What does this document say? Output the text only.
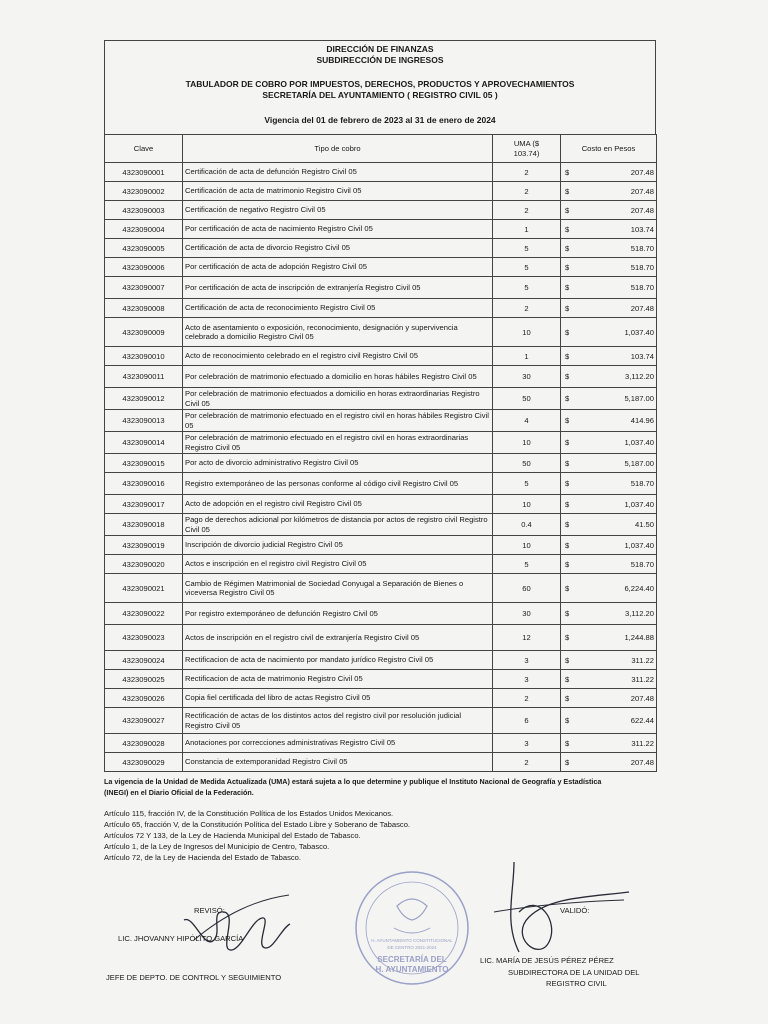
DIRECCIÓN DE FINANZAS
SUBDIRECCIÓN DE INGRESOS
TABULADOR DE COBRO POR IMPUESTOS, DERECHOS, PRODUCTOS Y APROVECHAMIENTOS
SECRETARÍA DEL AYUNTAMIENTO ( REGISTRO CIVIL 05 )
Vigencia del 01 de febrero de 2023 al 31 de enero de 2024
Clave	Tipo de cobro	UMA ($ 103.74)	Costo en Pesos
4323090001	Certificación de acta de defunción Registro Civil 05	2	$ 207.48

4323090002	Certificación de acta de matrimonio Registro Civil 05	2	$ 207.48

4323090003	Certificación de negativo Registro Civil 05	2	$ 207.48

4323090004	Por certificación de acta de nacimiento Registro Civil 05	1	$ 103.74

4323090005	Certificación de acta de divorcio Registro Civil 05	5	$ 518.70

4323090006	Por certificación de acta de adopción Registro Civil 05	5	$ 518.70

4323090007	Por certificación de acta de inscripción de extranjería Registro Civil 05	5	$ 518.70

4323090008	Certificación de acta de reconocimiento Registro Civil 05	2	$ 207.48

4323090009	Acto de asentamiento o exposición, reconocimiento, designación y supervivencia celebrado a domicilio Registro Civil 05	10	$ 1,037.40

4323090010	Acto de reconocimiento celebrado en el registro civil Registro Civil 05	1	$ 103.74

4323090011	Por celebración de matrimonio efectuado a domicilio en horas hábiles Registro Civil 05	30	$ 3,112.20

4323090012	Por celebración de matrimonio efectuados a domicilio en horas extraordinarias Registro Civil 05	50	$ 5,187.00

4323090013	Por celebración de matrimonio efectuado en el registro civil en horas hábiles Registro Civil 05	4	$ 414.96

4323090014	Por celebración de matrimonio efectuado en el registro civil en horas extraordinarias Registro Civil 05	10	$ 1,037.40

4323090015	Por acto de divorcio administrativo Registro Civil 05	50	$ 5,187.00

4323090016	Registro extemporáneo de las personas conforme al código civil Registro Civil 05	5	$ 518.70

4323090017	Acto de adopción en el registro civil Registro Civil 05	10	$ 1,037.40

4323090018	Pago de derechos adicional por kilómetros de distancia por actos de registro civil Registro Civil 05	0.4	$ 41.50

4323090019	Inscripción de divorcio judicial Registro Civil 05	10	$ 1,037.40

4323090020	Actos e inscripción en el registro civil Registro Civil 05	5	$ 518.70

4323090021	Cambio de Régimen Matrimonial de Sociedad Conyugal a Separación de Bienes o viceversa Registro Civil 05	60	$ 6,224.40

4323090022	Por registro extemporáneo de defunción Registro Civil 05	30	$ 3,112.20

4323090023	Actos de inscripción en el registro civil de extranjería Registro Civil 05	12	$ 1,244.88

4323090024	Rectificacion de acta de nacimiento por mandato jurídico Registro Civil 05	3	$ 311.22

4323090025	Rectificacion de acta de matrimonio Registro Civil 05	3	$ 311.22

4323090026	Copia fiel certificada del libro de actas Registro Civil 05	2	$ 207.48

4323090027	Rectificación de actas de los distintos actos del registro civil por resolución judicial Registro Civil 05	6	$ 622.44

4323090028	Anotaciones por correcciones administrativas Registro Civil 05	3	$ 311.22

4323090029	Constancia de extemporanidad Registro Civil 05	2	$ 207.48
La vigencia de la Unidad de Medida Actualizada (UMA) estará sujeta a lo que determine y publique el Instituto Nacional de Geografía y Estadística (INEGI) en el Diario Oficial de la Federación.
Artículo 115, fracción IV, de la Constitución Política de los Estados Unidos Mexicanos.
Artículo 65, fracción V, de la Constitución Política del Estado Libre y Soberano de Tabasco.
Artículos 72 Y 133, de la Ley de Hacienda Municipal del Estado de Tabasco.
Artículo 1, de la Ley de Ingresos del Municipio de Centro, Tabasco.
Artículo 72, de la Ley de Hacienda del Estado de Tabasco.
H. AYUNTAMIENTO CONSTITUCIONAL
DE CENTRO 2021-2024
SECRETARÍA DEL
H. AYUNTAMIENTO
REVISÓ:
LIC. JHOVANNY HIPÓLITO GARCÍA
JEFE DE DEPTO. DE CONTROL Y SEGUIMIENTO
VALIDÓ:
LIC. MARÍA DE JESÚS PÉREZ PÉREZ
SUBDIRECTORA DE LA UNIDAD DEL
REGISTRO CIVIL
